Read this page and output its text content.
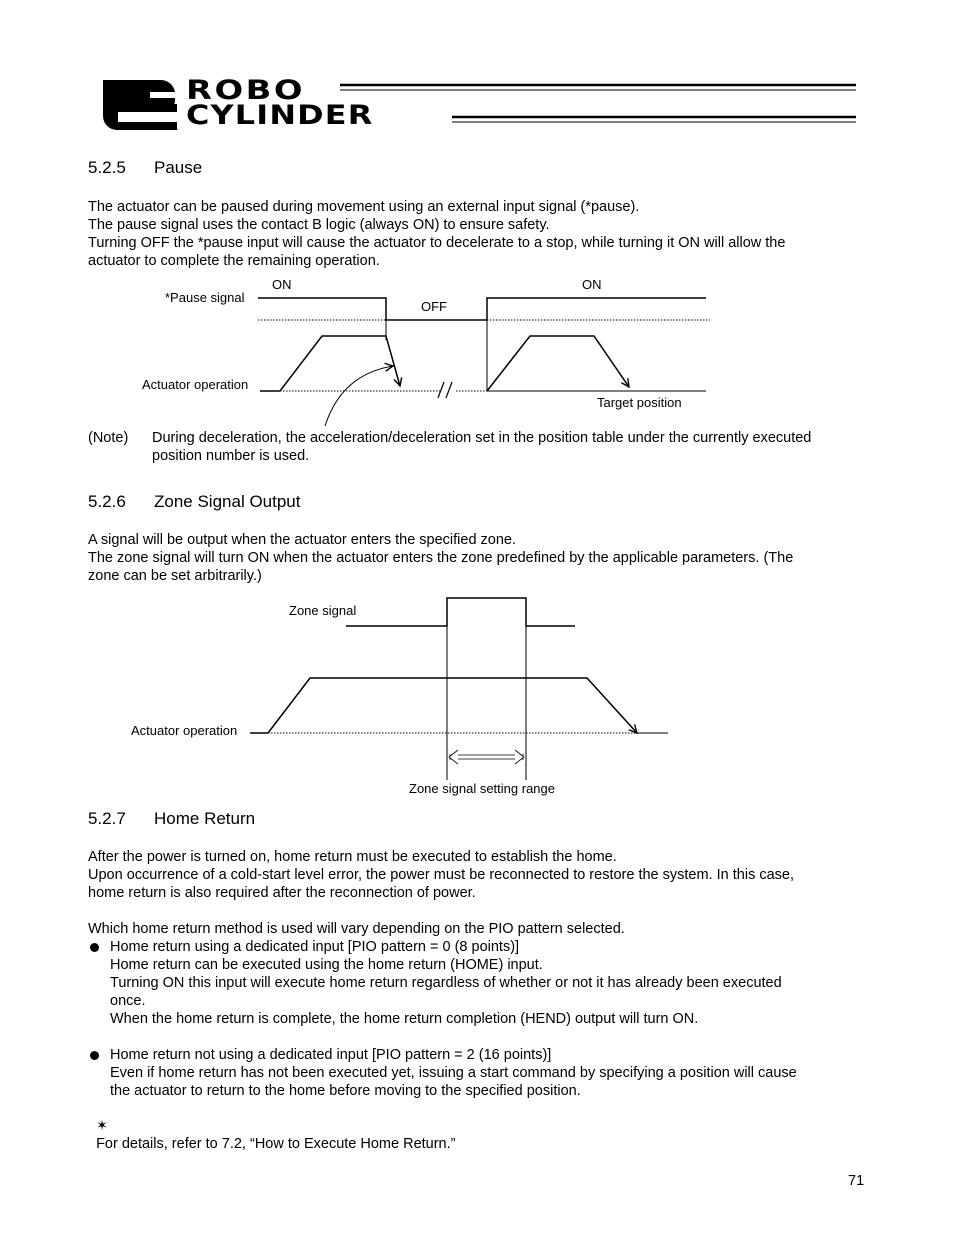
ROBO
CYLINDER
5.2.5 Pause
The actuator can be paused during movement using an external input signal (*pause).
The pause signal uses the contact B logic (always ON) to ensure safety.
Turning OFF the *pause input will cause the actuator to decelerate to a stop, while turning it ON will allow the
actuator to complete the remaining operation.
*Pause signal
ON
OFF
ON
Actuator operation
Target position
(Note) During deceleration, the acceleration/deceleration set in the position table under the currently executed
position number is used.
5.2.6 Zone Signal Output
A signal will be output when the actuator enters the specified zone.
The zone signal will turn ON when the actuator enters the zone predefined by the applicable parameters. (The
zone can be set arbitrarily.)
Zone signal
Actuator operation
Zone signal setting range
5.2.7 Home Return
After the power is turned on, home return must be executed to establish the home.
Upon occurrence of a cold-start level error, the power must be reconnected to restore the system. In this case,
home return is also required after the reconnection of power.
Which home return method is used will vary depending on the PIO pattern selected.
Home return using a dedicated input [PIO pattern = 0 (8 points)]
Home return can be executed using the home return (HOME) input.
Turning ON this input will execute home return regardless of whether or not it has already been executed
once.
When the home return is complete, the home return completion (HEND) output will turn ON.
Home return not using a dedicated input [PIO pattern = 2 (16 points)]
Even if home return has not been executed yet, issuing a start command by specifying a position will cause
the actuator to return to the home before moving to the specified position.

✶
For details, refer to 7.2, “How to Execute Home Return.”

71
